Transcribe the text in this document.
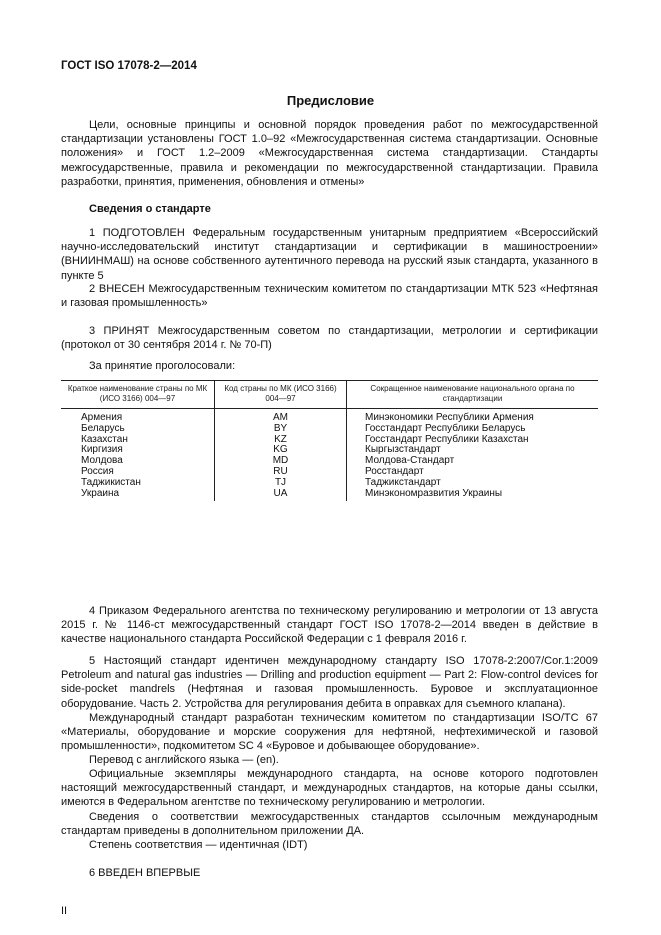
ГОСТ ISO 17078-2—2014
Предисловие

Цели, основные принципы и основной порядок проведения работ по межгосударственной стандартизации установлены ГОСТ 1.0–92 «Межгосударственная система стандартизации. Основные положения» и ГОСТ 1.2–2009 «Межгосударственная система стандартизации. Стандарты межгосударственные, правила и рекомендации по межгосударственной стандартизации. Правила разработки, принятия, применения, обновления и отмены»

Сведения о стандарте

1 ПОДГОТОВЛЕН Федеральным государственным унитарным предприятием «Всероссийский научно-исследовательский институт стандартизации и сертификации в машиностроении» (ВНИИНМАШ) на основе собственного аутентичного перевода на русский язык стандарта, указанного в пункте 5

2 ВНЕСЕН Межгосударственным техническим комитетом по стандартизации МТК 523 «Нефтяная и газовая промышленность»

3 ПРИНЯТ Межгосударственным советом по стандартизации, метрологии и сертификации (протокол от 30 сентября 2014 г. № 70-П)

За принятие проголосовали:

Краткое наименование страны по МК (ИСО 3166) 004—97	Код страны по МК (ИСО 3166) 004—97	Сокращенное наименование национального органа по стандартизации
Армения	AM	Минэкономики Республики Армения
Беларусь	BY	Госстандарт Республики Беларусь
Казахстан	KZ	Госстандарт Республики Казахстан
Киргизия	KG	Кыргызстандарт
Молдова	MD	Молдова-Стандарт
Россия	RU	Росстандарт
Таджикистан	TJ	Таджикстандарт
Украина	UA	Минэкономразвития Украины

4 Приказом Федерального агентства по техническому регулированию и метрологии от 13 августа 2015 г. № 1146-ст межгосударственный стандарт ГОСТ ISO 17078-2—2014 введен в действие в качестве национального стандарта Российской Федерации с 1 февраля 2016 г.

5 Настоящий стандарт идентичен международному стандарту ISO 17078-2:2007/Cor.1:2009 Petroleum and natural gas industries — Drilling and production equipment — Part 2: Flow-control devices for side-pocket mandrels (Нефтяная и газовая промышленность. Буровое и эксплуатационное оборудование. Часть 2. Устройства для регулирования дебита в оправках для съемного клапана).

Международный стандарт разработан техническим комитетом по стандартизации ISO/TC 67 «Материалы, оборудование и морские сооружения для нефтяной, нефтехимической и газовой промышленности», подкомитетом SC 4 «Буровое и добывающее оборудование».

Перевод с английского языка — (en).

Официальные экземпляры международного стандарта, на основе которого подготовлен настоящий межгосударственный стандарт, и международных стандартов, на которые даны ссылки, имеются в Федеральном агентстве по техническому регулированию и метрологии.

Сведения о соответствии межгосударственных стандартов ссылочным международным стандартам приведены в дополнительном приложении ДА.

Степень соответствия — идентичная (IDT)

6 ВВЕДЕН ВПЕРВЫЕ

II
